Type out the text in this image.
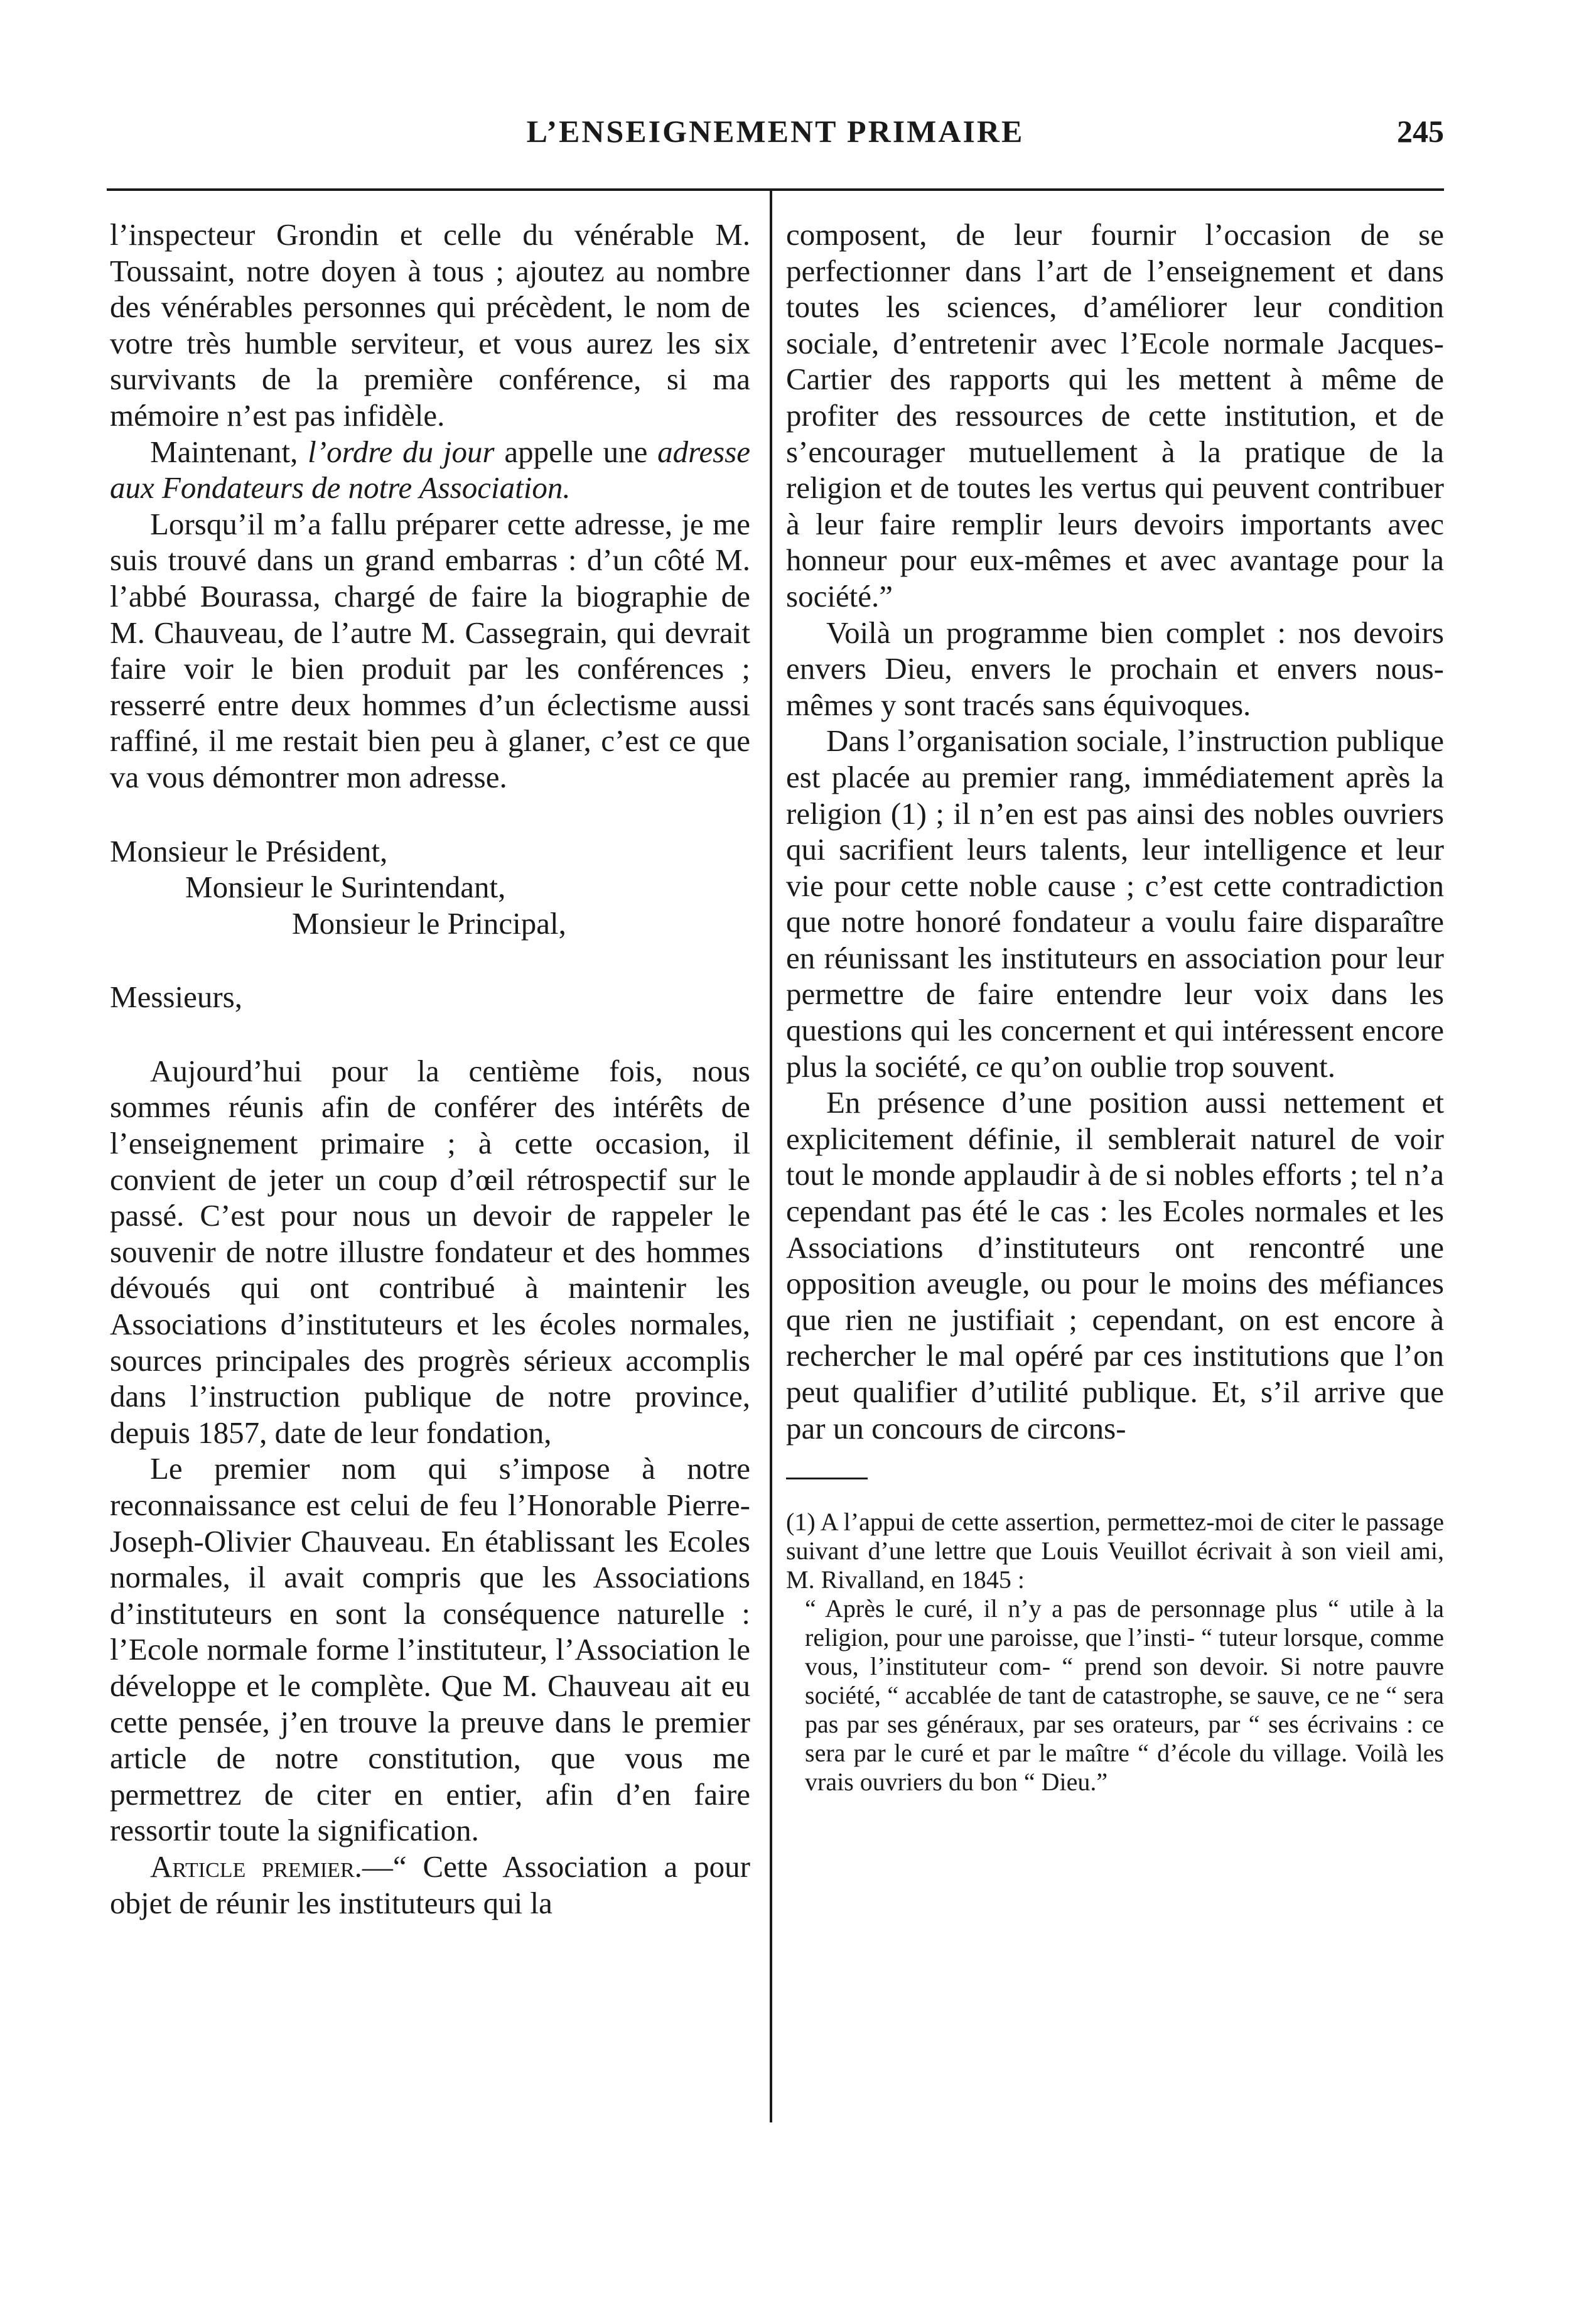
L’ENSEIGNEMENT PRIMAIRE	245

l’inspecteur Grondin et celle du vénérable M. Toussaint, notre doyen à tous ; ajoutez au nombre des vénérables personnes qui précèdent, le nom de votre très humble serviteur, et vous aurez les six survivants de la première conférence, si ma mémoire n’est pas infidèle.

Maintenant, l’ordre du jour appelle une adresse aux Fondateurs de notre Association.

Lorsqu’il m’a fallu préparer cette adresse, je me suis trouvé dans un grand embarras : d’un côté M. l’abbé Bourassa, chargé de faire la biographie de M. Chauveau, de l’autre M. Cassegrain, qui devrait faire voir le bien produit par les conférences ; resserré entre deux hommes d’un éclectisme aussi raffiné, il me restait bien peu à glaner, c’est ce que va vous démontrer mon adresse.

Monsieur le Président,
Monsieur le Surintendant,
Monsieur le Principal,
Messieurs,

Aujourd’hui pour la centième fois, nous sommes réunis afin de conférer des intérêts de l’enseignement primaire ; à cette occasion, il convient de jeter un coup d’œil rétrospectif sur le passé. C’est pour nous un devoir de rappeler le souvenir de notre illustre fondateur et des hommes dévoués qui ont contribué à maintenir les Associations d’instituteurs et les écoles normales, sources principales des progrès sérieux accomplis dans l’instruction publique de notre province, depuis 1857, date de leur fondation,

Le premier nom qui s’impose à notre reconnaissance est celui de feu l’Honorable Pierre-Joseph-Olivier Chauveau. En établissant les Ecoles normales, il avait compris que les Associations d’instituteurs en sont la conséquence naturelle : l’Ecole normale forme l’instituteur, l’Association le développe et le complète. Que M. Chauveau ait eu cette pensée, j’en trouve la preuve dans le premier article de notre constitution, que vous me permettrez de citer en entier, afin d’en faire ressortir toute la signification.

Article premier.—“ Cette Association a pour objet de réunir les instituteurs qui la

composent, de leur fournir l’occasion de se perfectionner dans l’art de l’enseignement et dans toutes les sciences, d’améliorer leur condition sociale, d’entretenir avec l’Ecole normale Jacques-Cartier des rapports qui les mettent à même de profiter des ressources de cette institution, et de s’encourager mutuellement à la pratique de la religion et de toutes les vertus qui peuvent contribuer à leur faire remplir leurs devoirs importants avec honneur pour eux-mêmes et avec avantage pour la société.”

Voilà un programme bien complet : nos devoirs envers Dieu, envers le prochain et envers nous-mêmes y sont tracés sans équivoques.

Dans l’organisation sociale, l’instruction publique est placée au premier rang, immédiatement après la religion (1) ; il n’en est pas ainsi des nobles ouvriers qui sacrifient leurs talents, leur intelligence et leur vie pour cette noble cause ; c’est cette contradiction que notre honoré fondateur a voulu faire disparaître en réunissant les instituteurs en association pour leur permettre de faire entendre leur voix dans les questions qui les concernent et qui intéressent encore plus la société, ce qu’on oublie trop souvent.

En présence d’une position aussi nettement et explicitement définie, il semblerait naturel de voir tout le monde applaudir à de si nobles efforts ; tel n’a cependant pas été le cas : les Ecoles normales et les Associations d’instituteurs ont rencontré une opposition aveugle, ou pour le moins des méfiances que rien ne justifiait ; cependant, on est encore à rechercher le mal opéré par ces institutions que l’on peut qualifier d’utilité publique. Et, s’il arrive que par un concours de circons-

(1) A l’appui de cette assertion, permettez-moi de citer le passage suivant d’une lettre que Louis Veuillot écrivait à son vieil ami, M. Rivalland, en 1845 :

“ Après le curé, il n’y a pas de personnage plus “ utile à la religion, pour une paroisse, que l’insti- “ tuteur lorsque, comme vous, l’instituteur com- “ prend son devoir. Si notre pauvre société, “ accablée de tant de catastrophe, se sauve, ce ne “ sera pas par ses généraux, par ses orateurs, par “ ses écrivains : ce sera par le curé et par le maître “ d’école du village. Voilà les vrais ouvriers du bon “ Dieu.”
